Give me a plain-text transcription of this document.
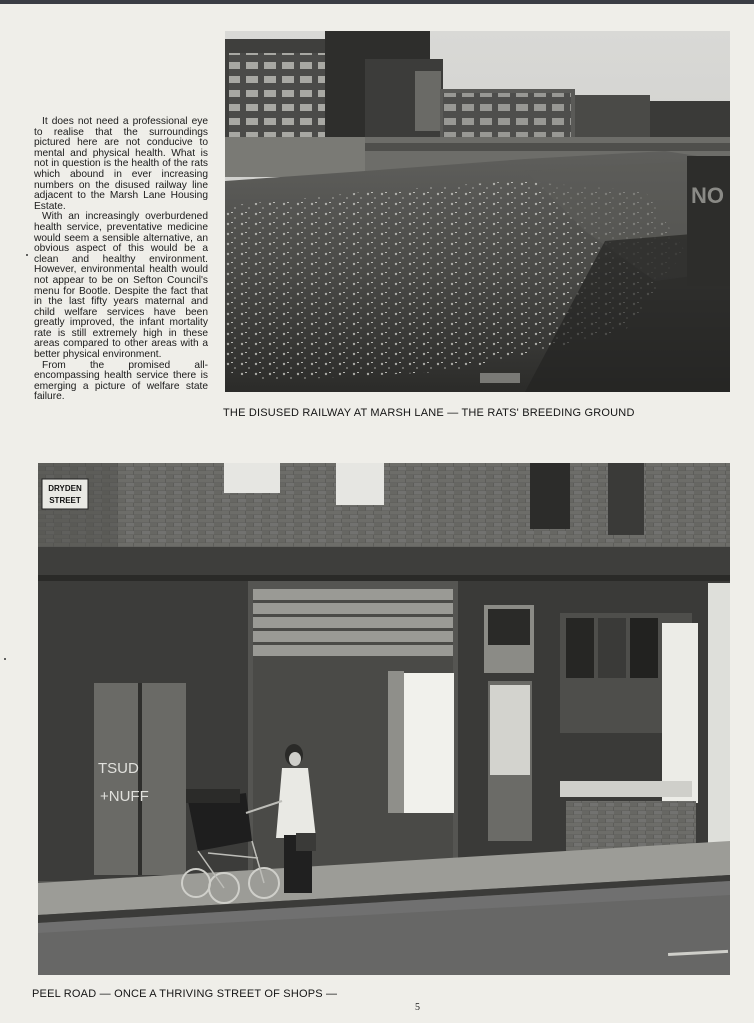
It does not need a professional eye to realise that the surroundings pictured here are not conducive to mental and physical health. What is not in question is the health of the rats which abound in ever increasing numbers on the disused railway line adjacent to the Marsh Lane Housing Estate.

With an increasingly overburdened health service, preventative medicine would seem a sensible alternative, an obvious aspect of this would be a clean and healthy environment. However, environmental health would not appear to be on Sefton Council's menu for Bootle. Despite the fact that in the last fifty years maternal and child welfare services have been greatly improved, the infant mortality rate is still extremely high in these areas compared to other areas with a better physical environment.

From the promised all-encompassing health service there is emerging a picture of welfare state failure.

NO
THE DISUSED RAILWAY AT MARSH LANE — THE RATS' BREEDING GROUND
DRYDEN
STREET
TSUD
+NUFF
PEEL ROAD — ONCE A THRIVING STREET OF SHOPS —
5
